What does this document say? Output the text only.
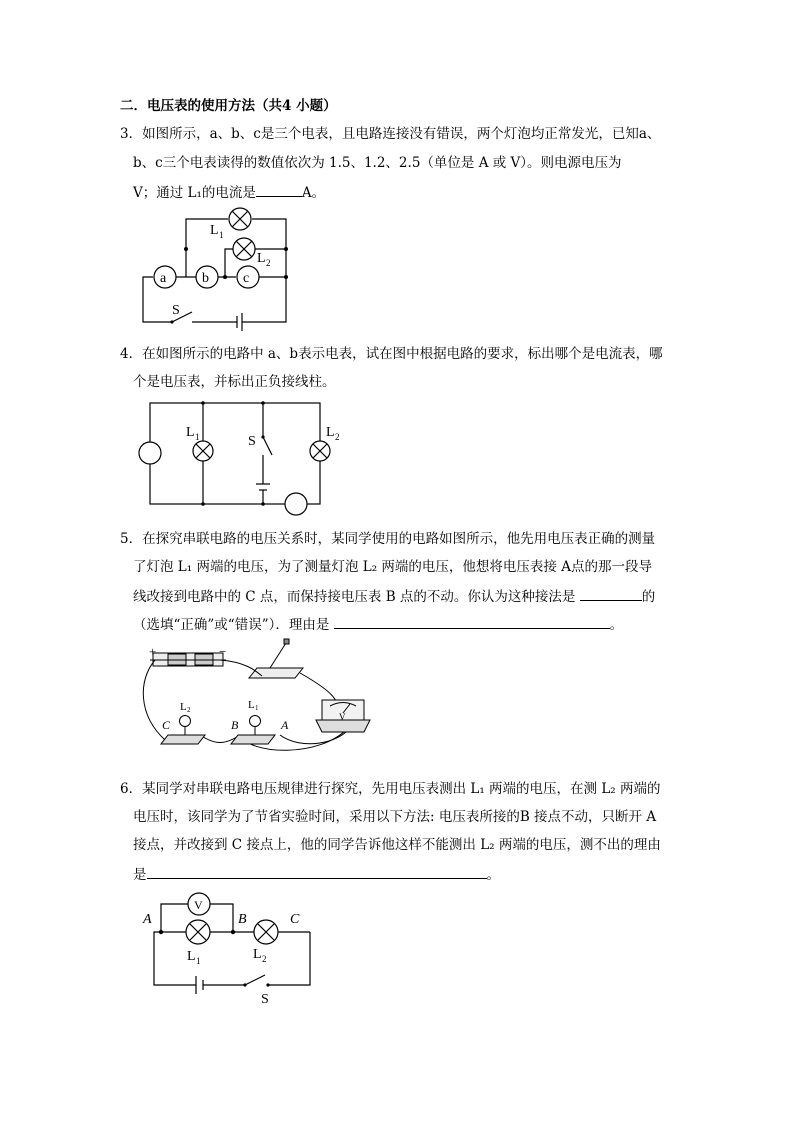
二．电压表的使用方法（共4 小题）
3．如图所示，a、b、c是三个电表，且电路连接没有错误，两个灯泡均正常发光，已知a、
b、c三个电表读得的数值依次为 1.5、1.2、2.5（单位是 A 或 V）。则电源电压为
V；通过 L₁的电流是	A。
a	b c
L 1
L 2
S
4．在如图所示的电路中 a、b表示电表，试在图中根据电路的要求，标出哪个是电流表，哪
个是电压表，并标出正负接线柱。
L 1	L 2
S
5．在探究串联电路的电压关系时，某同学使用的电路如图所示，他先用电压表正确的测量
了灯泡 L₁ 两端的电压，为了测量灯泡 L₂ 两端的电压，他想将电压表接 A点的那一段导
线改接到电路中的 C 点，而保持接电压表 B 点的不动。你认为这种接法是	的
（选填“正确”或“错误”）．理由是	。
C	B	A
L 2	L 1
V
+	−
6．某同学对串联电路电压规律进行探究，先用电压表测出 L₁ 两端的电压，在测 L₂ 两端的
电压时，该同学为了节省实验时间，采用以下方法: 电压表所接的B 接点不动，只断开 A
接点，并改接到 C 接点上，他的同学告诉他这样不能测出 L₂ 两端的电压，测不出的理由
是	。
A	B	C
V
L 1	L 2
S
